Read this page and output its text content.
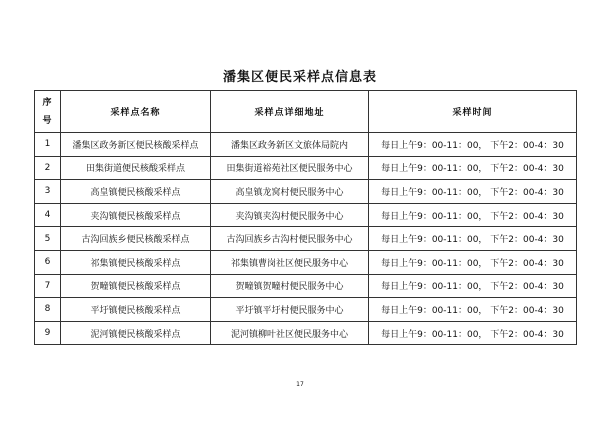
潘集区便民采样点信息表
序
号	采样点名称	采样点详细地址	采样时间
1	潘集区政务新区便民核酸采样点	潘集区政务新区文旅体局院内	每日上午9：00-11：00， 下午2：00-4：30
2	田集街道便民核酸采样点	田集街道裕苑社区便民服务中心	每日上午9：00-11：00， 下午2：00-4：30
3	高皇镇便民核酸采样点	高皇镇龙窝村便民服务中心	每日上午9：00-11：00， 下午2：00-4：30
4	夹沟镇便民核酸采样点	夹沟镇夹沟村便民服务中心	每日上午9：00-11：00， 下午2：00-4：30
5	古沟回族乡便民核酸采样点	古沟回族乡古沟村便民服务中心	每日上午9：00-11：00， 下午2：00-4：30
6	祁集镇便民核酸采样点	祁集镇曹岗社区便民服务中心	每日上午9：00-11：00， 下午2：00-4：30
7	贺疃镇便民核酸采样点	贺疃镇贺疃村便民服务中心	每日上午9：00-11：00， 下午2：00-4：30
8	平圩镇便民核酸采样点	平圩镇平圩村便民服务中心	每日上午9：00-11：00， 下午2：00-4：30
9	泥河镇便民核酸采样点	泥河镇柳叶社区便民服务中心	每日上午9：00-11：00， 下午2：00-4：30
17
